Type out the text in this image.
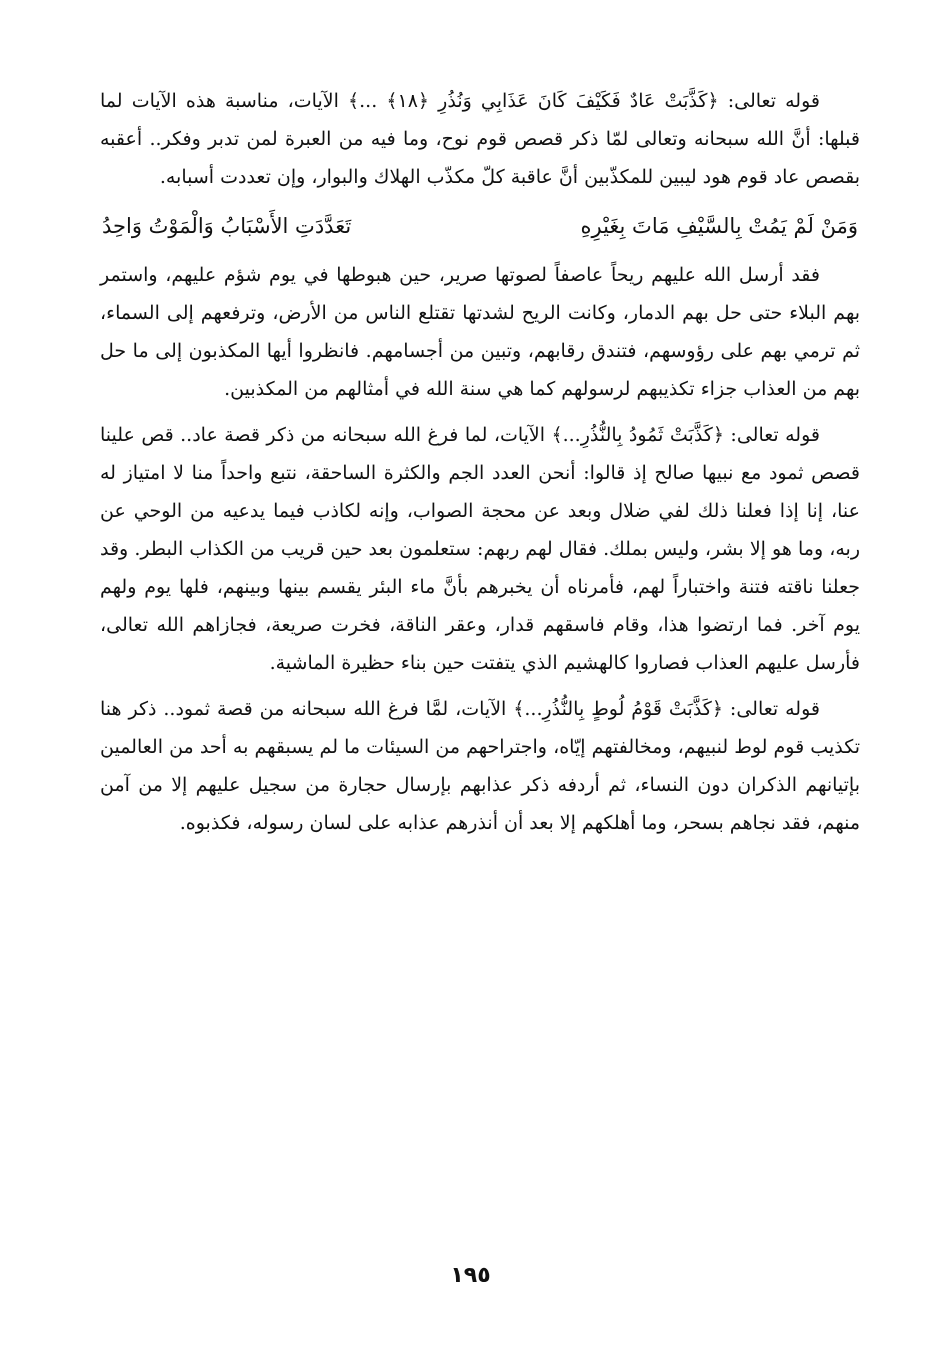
قوله تعالى: ﴿كَذَّبَتْ عَادٌ فَكَيْفَ كَانَ عَذَابِي وَنُذُرِ ﴿١٨﴾ ...﴾ الآيات، مناسبة هذه الآيات لما قبلها: أنَّ الله سبحانه وتعالى لمّا ذكر قصص قوم نوح، وما فيه من العبرة لمن تدبر وفكر.. أعقبه بقصص عاد قوم هود ليبين للمكذّبين أنَّ عاقبة كلّ مكذّب الهلاك والبوار، وإن تعددت أسبابه.

وَمَنْ لَمْ يَمُتْ بِالسَّيْفِ مَاتَ بِغَيْرِهِ
تَعَدَّدَتِ الأَسْبَابُ وَالْمَوْتُ وَاحِدُ

فقد أرسل الله عليهم ريحاً عاصفاً لصوتها صرير، حين هبوطها في يوم شؤم عليهم، واستمر بهم البلاء حتى حل بهم الدمار، وكانت الريح لشدتها تقتلع الناس من الأرض، وترفعهم إلى السماء، ثم ترمي بهم على رؤوسهم، فتندق رقابهم، وتبين من أجسامهم. فانظروا أيها المكذبون إلى ما حل بهم من العذاب جزاء تكذيبهم لرسولهم كما هي سنة الله في أمثالهم من المكذبين.

قوله تعالى: ﴿كَذَّبَتْ ثَمُودُ بِالنُّذُرِ...﴾ الآيات، لما فرغ الله سبحانه من ذكر قصة عاد.. قص علينا قصص ثمود مع نبيها صالح إذ قالوا: أنحن العدد الجم والكثرة الساحقة، نتبع واحداً منا لا امتياز له عنا، إنا إذا فعلنا ذلك لفي ضلال وبعد عن محجة الصواب، وإنه لكاذب فيما يدعيه من الوحي عن ربه، وما هو إلا بشر، وليس بملك. فقال لهم ربهم: ستعلمون بعد حين قريب من الكذاب البطر. وقد جعلنا ناقته فتنة واختباراً لهم، فأمرناه أن يخبرهم بأنَّ ماء البئر يقسم بينها وبينهم، فلها يوم ولهم يوم آخر. فما ارتضوا هذا، وقام فاسقهم قدار، وعقر الناقة، فخرت صريعة، فجازاهم الله تعالى، فأرسل عليهم العذاب فصاروا كالهشيم الذي يتفتت حين بناء حظيرة الماشية.

قوله تعالى: ﴿كَذَّبَتْ قَوْمُ لُوطٍ بِالنُّذُرِ...﴾ الآيات، لمَّا فرغ الله سبحانه من قصة ثمود.. ذكر هنا تكذيب قوم لوط لنبيهم، ومخالفتهم إيّاه، واجتراحهم من السيئات ما لم يسبقهم به أحد من العالمين بإتيانهم الذكران دون النساء، ثم أردفه ذكر عذابهم بإرسال حجارة من سجيل عليهم إلا من آمن منهم، فقد نجاهم بسحر، وما أهلكهم إلا بعد أن أنذرهم عذابه على لسان رسوله، فكذبوه.

١٩٥
